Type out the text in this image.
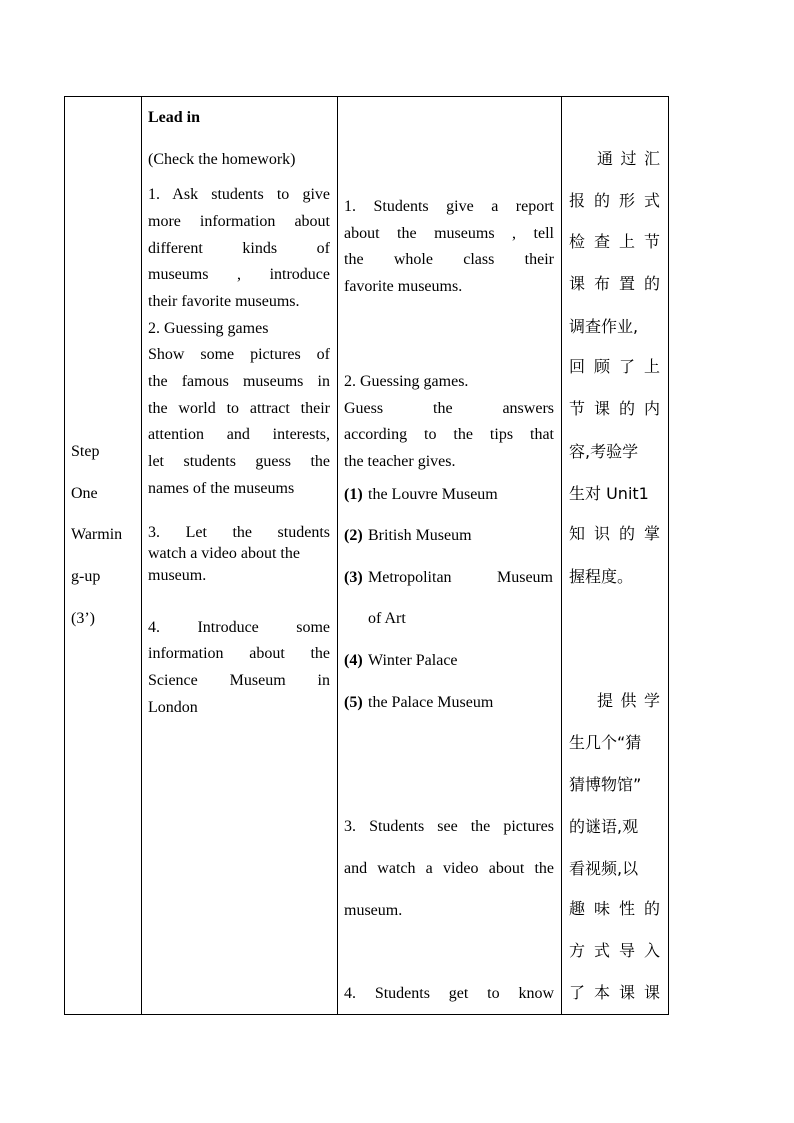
Step
One
Warmin
g-up
(3’)
Lead in
(Check the homework)
1. Ask students to give
more information about
different kinds of
museums , introduce
their favorite museums.
2. Guessing games
Show some pictures of
the famous museums in
the world to attract their
attention and interests,
let students guess the
names of the museums
3. Let the students
watch a video about the
museum.
4. Introduce some
information about the
Science Museum in
London
1. Students give a report
about the museums , tell
the whole class their
favorite museums.
2. Guessing games.
Guess the answers
according to the tips that
the teacher gives.
(1) the Louvre Museum
(2) British Museum
(3) Metropolitan Museum
of Art
(4) Winter Palace
(5) the Palace Museum
3. Students see the pictures
and watch a video about the
museum.
4. Students get to know
通过汇
报的形式
检查上节
课布置的
调查作业,
回顾了上
节课的内
容,考验学
生对 Unit1
知识的掌
握程度。
提供学
生几个“猜
猜博物馆”
的谜语,观
看视频,以
趣味性的
方式导入
了本课课
